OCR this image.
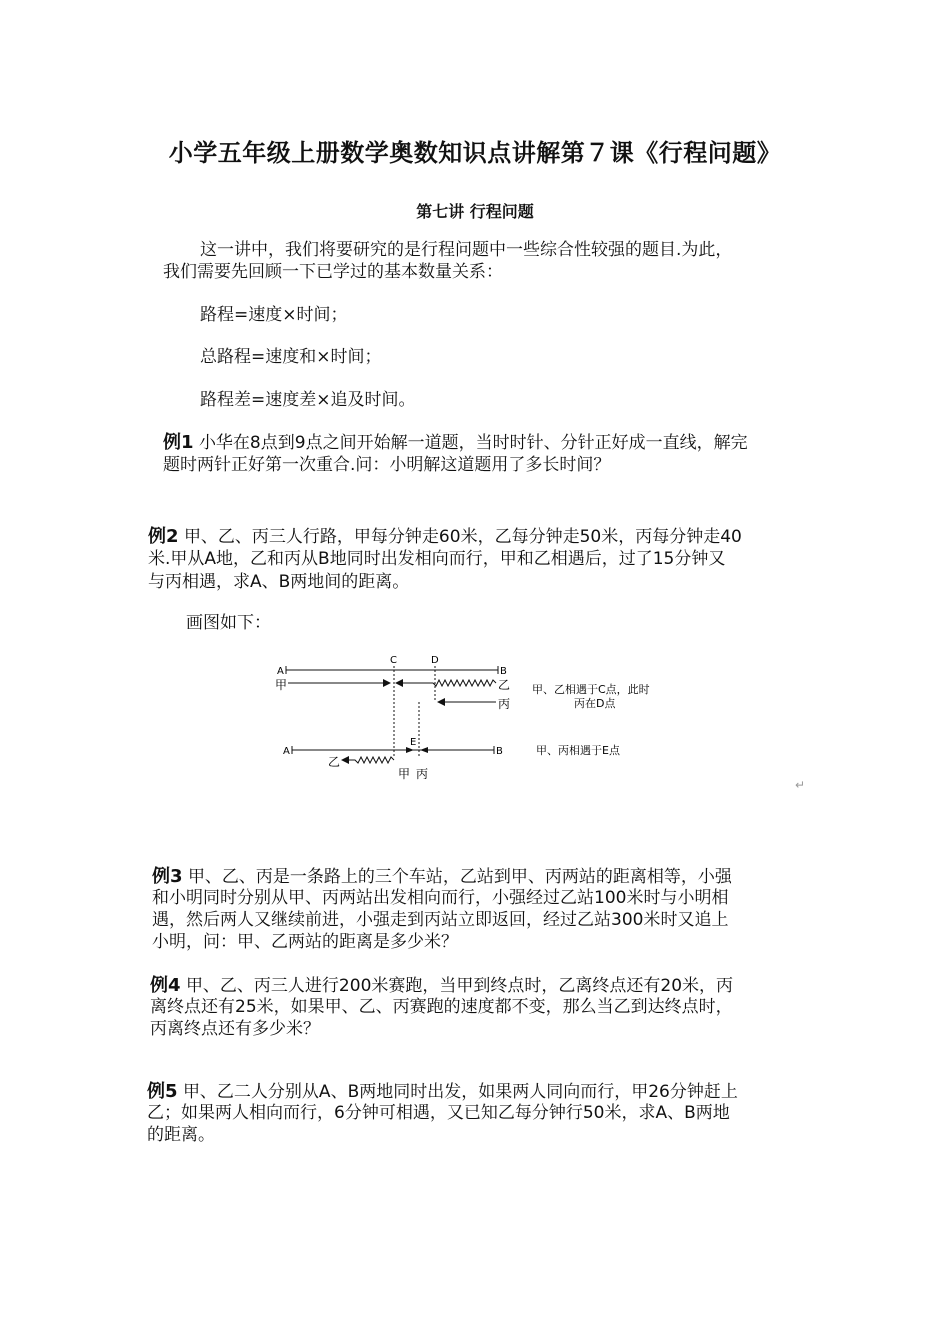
小学五年级上册数学奥数知识点讲解第７课《行程问题》
第七讲 行程问题
这一讲中，我们将要研究的是行程问题中一些综合性较强的题目.为此，
我们需要先回顾一下已学过的基本数量关系：
路程=速度×时间；
总路程=速度和×时间；
路程差=速度差×追及时间。
例1 小华在8点到9点之间开始解一道题，当时时针、分针正好成一直线，解完
题时两针正好第一次重合.问：小明解这道题用了多长时间？
例2 甲、乙、丙三人行路，甲每分钟走60米，乙每分钟走50米，丙每分钟走40
米.甲从A地，乙和丙从B地同时出发相向而行，甲和乙相遇后，过了15分钟又
与丙相遇，求A、B两地间的距离。
画图如下：
A	B
C	D
甲	乙
丙
A	B
E
乙
甲 丙
甲、乙相遇于C点，此时
丙在D点
甲、丙相遇于E点
↵
例3 甲、乙、丙是一条路上的三个车站，乙站到甲、丙两站的距离相等，小强
和小明同时分别从甲、丙两站出发相向而行，小强经过乙站100米时与小明相
遇，然后两人又继续前进，小强走到丙站立即返回，经过乙站300米时又追上
小明，问：甲、乙两站的距离是多少米？
例4 甲、乙、丙三人进行200米赛跑，当甲到终点时，乙离终点还有20米，丙
离终点还有25米，如果甲、乙、丙赛跑的速度都不变，那么当乙到达终点时，
丙离终点还有多少米？
例5 甲、乙二人分别从A、B两地同时出发，如果两人同向而行，甲26分钟赶上
乙；如果两人相向而行，6分钟可相遇，又已知乙每分钟行50米，求A、B两地
的距离。
